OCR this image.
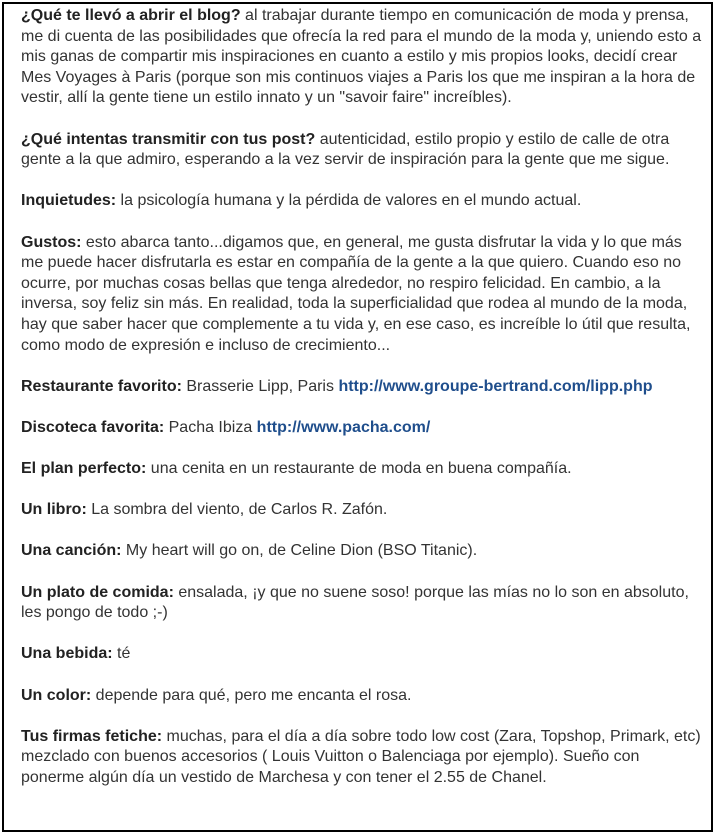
¿Qué te llevó a abrir el blog? al trabajar durante tiempo en comunicación de moda y prensa, me di cuenta de las posibilidades que ofrecía la red para el mundo de la moda y, uniendo esto a mis ganas de compartir mis inspiraciones en cuanto a estilo y mis propios looks, decidí crear Mes Voyages à Paris (porque son mis continuos viajes a Paris los que me inspiran a la hora de vestir, allí la gente tiene un estilo innato y un "savoir faire" increíbles).

¿Qué intentas transmitir con tus post? autenticidad, estilo propio y estilo de calle de otra gente a la que admiro, esperando a la vez servir de inspiración para la gente que me sigue.

Inquietudes: la psicología humana y la pérdida de valores en el mundo actual.

Gustos: esto abarca tanto...digamos que, en general, me gusta disfrutar la vida y lo que más me puede hacer disfrutarla es estar en compañía de la gente a la que quiero. Cuando eso no ocurre, por muchas cosas bellas que tenga alrededor, no respiro felicidad. En cambio, a la inversa, soy feliz sin más. En realidad, toda la superficialidad que rodea al mundo de la moda, hay que saber hacer que complemente a tu vida y, en ese caso, es increíble lo útil que resulta, como modo de expresión e incluso de crecimiento...

Restaurante favorito: Brasserie Lipp, Paris http://www.groupe-bertrand.com/lipp.php

Discoteca favorita: Pacha Ibiza http://www.pacha.com/

El plan perfecto: una cenita en un restaurante de moda en buena compañía.

Un libro: La sombra del viento, de Carlos R. Zafón.

Una canción: My heart will go on, de Celine Dion (BSO Titanic).

Un plato de comida: ensalada, ¡y que no suene soso! porque las mías no lo son en absoluto, les pongo de todo ;-)

Una bebida: té

Un color: depende para qué, pero me encanta el rosa.

Tus firmas fetiche: muchas, para el día a día sobre todo low cost (Zara, Topshop, Primark, etc) mezclado con buenos accesorios ( Louis Vuitton o Balenciaga por ejemplo). Sueño con ponerme algún día un vestido de Marchesa y con tener el 2.55 de Chanel.
